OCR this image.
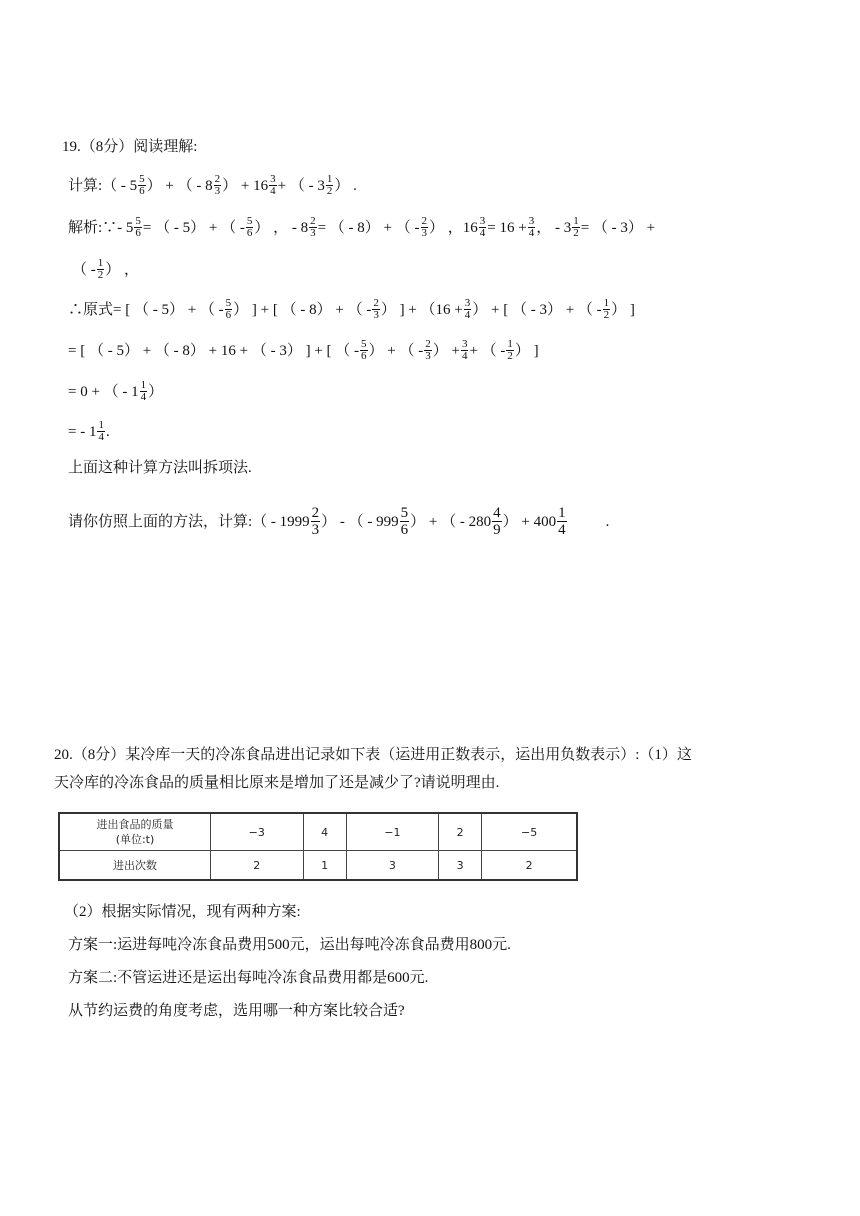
19.（8分）阅读理解:
计算: （ - $5 \frac{5}{6}$ ） + （ - $8 \frac{2}{3}$ ） + $16 \frac{3}{4}$ + （ - $3 \frac{1}{2}$ ） .
解析:∵ - $5 \frac{5}{6}$ = （ - 5） + （ - $\frac{5}{6}$ ） ， - $8 \frac{2}{3}$ = （ - 8） + （ - $\frac{2}{3}$ ） ，$16 \frac{3}{4} = 16 + \frac{3}{4}$ ， - $3 \frac{1}{2}$ = （ - 3） +
（ - $\frac{1}{2}$ ） ，
∴原式 = [ （ - 5） + （ - $\frac{5}{6}$ ） ] + [ （ - 8） + （ - $\frac{2}{3}$ ） ] + （$16 + \frac{3}{4}$ ） + [ （ - 3） + （ - $\frac{1}{2}$ ） ]
= [ （ - 5） + （ - 8） + 16 + （ - 3） ] + [ （ - $\frac{5}{6}$ ） + （ - $\frac{2}{3}$ ） + $\frac{3}{4}$ + （ - $\frac{1}{2}$ ） ]
= 0 + （ - $1 \frac{1}{4}$ ）
= - $1 \frac{1}{4}$ .
上面这种计算方法叫拆项法.
请你仿照上面的方法，计算: （ - $1999 \frac{2}{3}$ ） - （ - $999 \frac{5}{6}$ ） + （ - $280 \frac{4}{9}$ ） + $400 \frac{1}{4}$	.
20.（8分）某冷库一天的冷冻食品进出记录如下表（运进用正数表示，运出用负数表示）:（1）这
天冷库的冷冻食品的质量相比原来是增加了还是减少了?请说明理由.
进出食品的质量
(单位:t)	−3	4	−1	2	−5
进出次数	2	1	3	3	2
（2）根据实际情况，现有两种方案:
方案一:运进每吨冷冻食品费用500元，运出每吨冷冻食品费用800元.
方案二:不管运进还是运出每吨冷冻食品费用都是600元.
从节约运费的角度考虑，选用哪一种方案比较合适?
